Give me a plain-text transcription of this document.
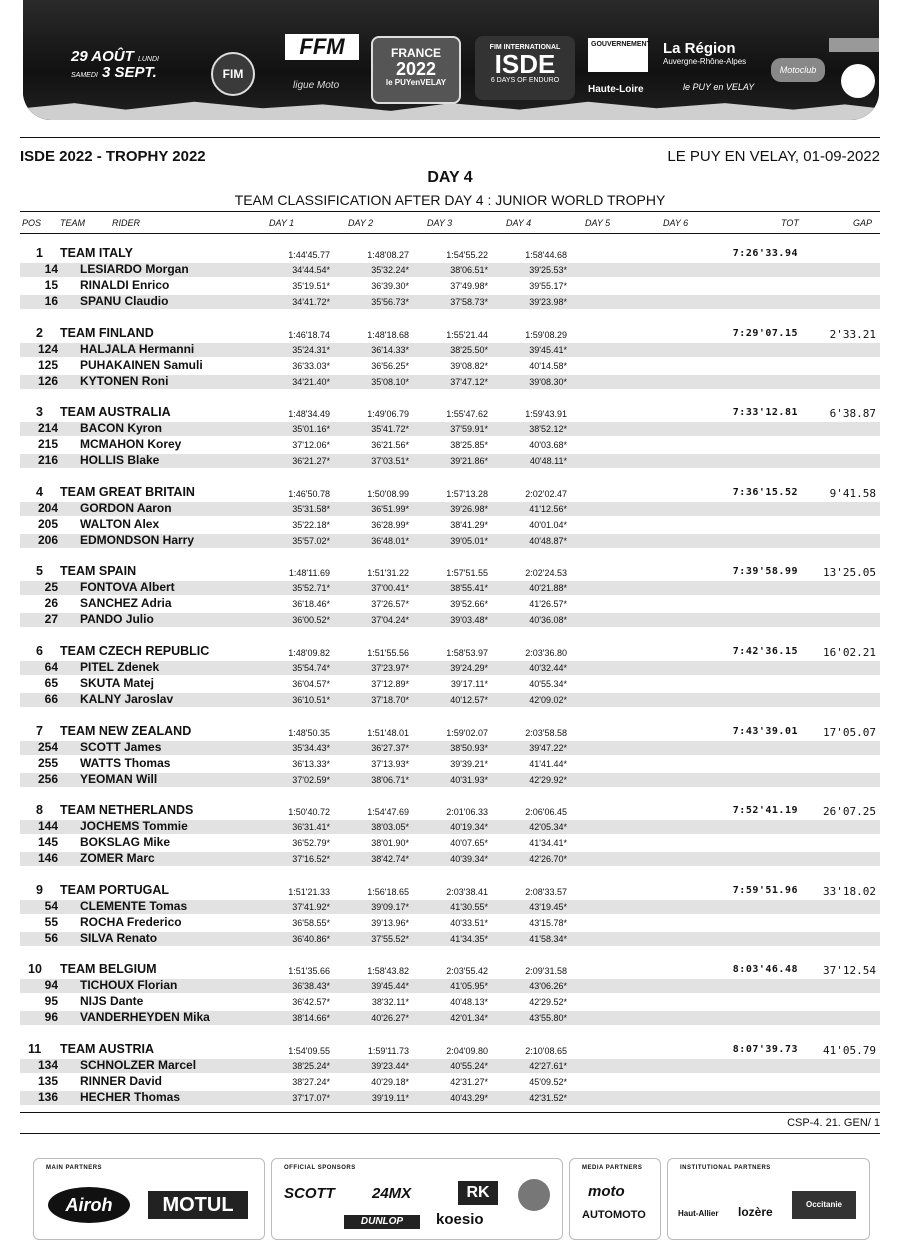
29 AOÛT LUNDI
SAMEDI 3 SEPT.	FIM
FFM
ligue Moto
FRANCE
2022
le PUYenVELAY
FIM INTERNATIONAL
ISDE
6 DAYS OF ENDURO
GOUVERNEMENT
Haute-Loire
La Région
Auvergne-Rhône-Alpes
le PUY en VELAY
Motoclub
ISDE 2022 - TROPHY 2022	LE PUY EN VELAY, 01-09-2022
DAY 4
TEAM CLASSIFICATION AFTER DAY 4 : JUNIOR WORLD TROPHY
POS TEAM	RIDER	DAY 1	DAY 2	DAY 3	DAY 4	DAY 5	DAY 6	TOT	GAP
1 TEAM ITALY	1:44'45.77	1:48'08.27	1:54'55.22	1:58'44.68	7:26'33.94
14 LESIARDO Morgan	34'44.54*	35'32.24*	38'06.51*	39'25.53*
15 RINALDI Enrico	35'19.51*	36'39.30*	37'49.98*	39'55.17*
16 SPANU Claudio	34'41.72*	35'56.73*	37'58.73*	39'23.98*
2 TEAM FINLAND	1:46'18.74	1:48'18.68	1:55'21.44	1:59'08.29	7:29'07.15	2'33.21
124 HALJALA Hermanni	35'24.31*	36'14.33*	38'25.50*	39'45.41*
125 PUHAKAINEN Samuli	36'33.03*	36'56.25*	39'08.82*	40'14.58*
126 KYTONEN Roni	34'21.40*	35'08.10*	37'47.12*	39'08.30*
3 TEAM AUSTRALIA	1:48'34.49	1:49'06.79	1:55'47.62	1:59'43.91	7:33'12.81	6'38.87
214 BACON Kyron	35'01.16*	35'41.72*	37'59.91*	38'52.12*
215 MCMAHON Korey	37'12.06*	36'21.56*	38'25.85*	40'03.68*
216 HOLLIS Blake	36'21.27*	37'03.51*	39'21.86*	40'48.11*
4 TEAM GREAT BRITAIN	1:46'50.78	1:50'08.99	1:57'13.28	2:02'02.47	7:36'15.52	9'41.58
204 GORDON Aaron	35'31.58*	36'51.99*	39'26.98*	41'12.56*
205 WALTON Alex	35'22.18*	36'28.99*	38'41.29*	40'01.04*
206 EDMONDSON Harry	35'57.02*	36'48.01*	39'05.01*	40'48.87*
5 TEAM SPAIN	1:48'11.69	1:51'31.22	1:57'51.55	2:02'24.53	7:39'58.99	13'25.05
25 FONTOVA Albert	35'52.71*	37'00.41*	38'55.41*	40'21.88*
26 SANCHEZ Adria	36'18.46*	37'26.57*	39'52.66*	41'26.57*
27 PANDO Julio	36'00.52*	37'04.24*	39'03.48*	40'36.08*
6 TEAM CZECH REPUBLIC	1:48'09.82	1:51'55.56	1:58'53.97	2:03'36.80	7:42'36.15	16'02.21
64 PITEL Zdenek	35'54.74*	37'23.97*	39'24.29*	40'32.44*
65 SKUTA Matej	36'04.57*	37'12.89*	39'17.11*	40'55.34*
66 KALNY Jaroslav	36'10.51*	37'18.70*	40'12.57*	42'09.02*
7 TEAM NEW ZEALAND	1:48'50.35	1:51'48.01	1:59'02.07	2:03'58.58	7:43'39.01	17'05.07
254 SCOTT James	35'34.43*	36'27.37*	38'50.93*	39'47.22*
255 WATTS Thomas	36'13.33*	37'13.93*	39'39.21*	41'41.44*
256 YEOMAN Will	37'02.59*	38'06.71*	40'31.93*	42'29.92*
8 TEAM NETHERLANDS	1:50'40.72	1:54'47.69	2:01'06.33	2:06'06.45	7:52'41.19	26'07.25
144 JOCHEMS Tommie	36'31.41*	38'03.05*	40'19.34*	42'05.34*
145 BOKSLAG Mike	36'52.79*	38'01.90*	40'07.65*	41'34.41*
146 ZOMER Marc	37'16.52*	38'42.74*	40'39.34*	42'26.70*
9 TEAM PORTUGAL	1:51'21.33	1:56'18.65	2:03'38.41	2:08'33.57	7:59'51.96	33'18.02
54 CLEMENTE Tomas	37'41.92*	39'09.17*	41'30.55*	43'19.45*
55 ROCHA Frederico	36'58.55*	39'13.96*	40'33.51*	43'15.78*
56 SILVA Renato	36'40.86*	37'55.52*	41'34.35*	41'58.34*
10 TEAM BELGIUM	1:51'35.66	1:58'43.82	2:03'55.42	2:09'31.58	8:03'46.48	37'12.54
94 TICHOUX Florian	36'38.43*	39'45.44*	41'05.95*	43'06.26*
95 NIJS Dante	36'42.57*	38'32.11*	40'48.13*	42'29.52*
96 VANDERHEYDEN Mika	38'14.66*	40'26.27*	42'01.34*	43'55.80*
11 TEAM AUSTRIA	1:54'09.55	1:59'11.73	2:04'09.80	2:10'08.65	8:07'39.73	41'05.79
134 SCHNOLZER Marcel	38'25.24*	39'23.44*	40'55.24*	42'27.61*
135 RINNER David	38'27.24*	40'29.18*	42'31.27*	45'09.52*
136 HECHER Thomas	37'17.07*	39'19.11*	40'43.29*	42'31.52*
CSP-4. 21. GEN/ 1
MAIN PARTNERS
Airoh	MOTUL
OFFICIAL SPONSORS
SCOTT 24MX	RK
DUNLOP	koesio
MEDIA PARTNERS
moto
AUTOMOTO
INSTITUTIONAL PARTNERS
Haut-Allier lozère
Occitanie
